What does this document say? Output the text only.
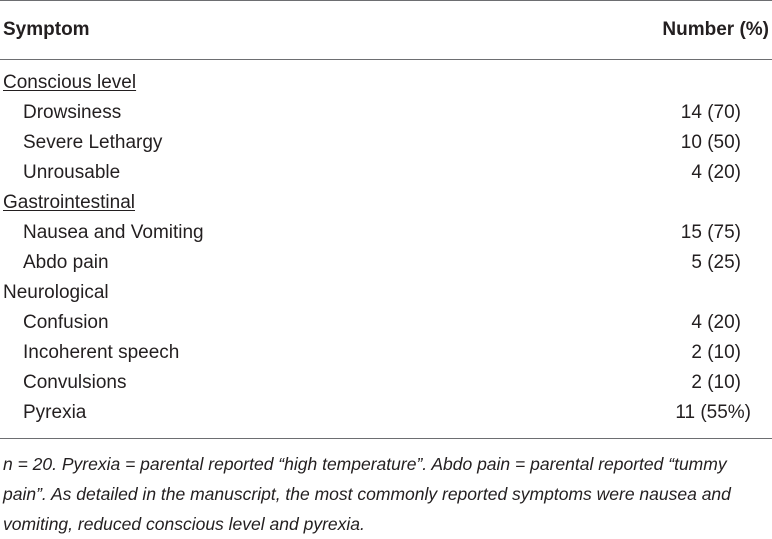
Symptom	Number (%)
Conscious level
Drowsiness	14 (70)
Severe Lethargy	10 (50)
Unrousable	4 (20)
Gastrointestinal
Nausea and Vomiting	15 (75)
Abdo pain	5 (25)
Neurological
Confusion	4 (20)
Incoherent speech	2 (10)
Convulsions	2 (10)
Pyrexia	11 (55%)
n = 20. Pyrexia = parental reported “high temperature”. Abdo pain = parental reported “tummy pain”. As detailed in the manuscript, the most commonly reported symptoms were nausea and vomiting, reduced conscious level and pyrexia.
